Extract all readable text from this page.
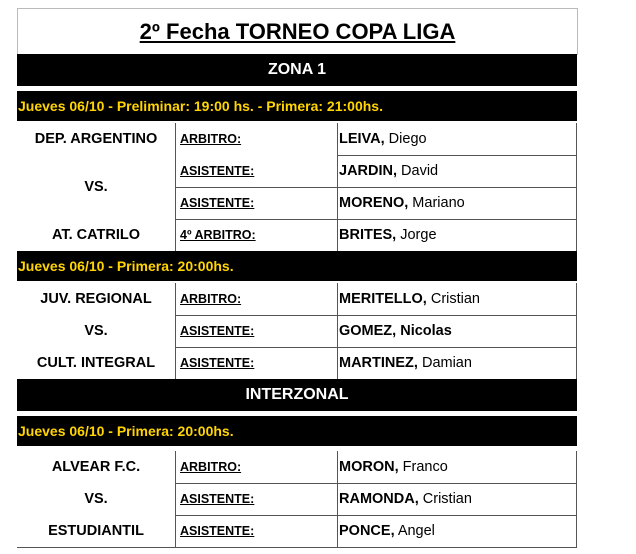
2º Fecha TORNEO COPA LIGA
ZONA 1
Jueves 06/10 - Preliminar: 19:00 hs. - Primera: 21:00hs.
DEP. ARGENTINO	ARBITRO:	LEIVA, Diego
ASISTENTE:	JARDIN, David
VS.
ASISTENTE:	MORENO, Mariano
AT. CATRILO	4º ARBITRO:	BRITES, Jorge
Jueves 06/10 - Primera: 20:00hs.
JUV. REGIONAL	ARBITRO:	MERITELLO, Cristian
VS.	ASISTENTE:	GOMEZ, Nicolas
CULT. INTEGRAL	ASISTENTE:	MARTINEZ, Damian
INTERZONAL
Jueves 06/10 - Primera: 20:00hs.
ALVEAR F.C.	ARBITRO:	MORON, Franco
VS.	ASISTENTE:	RAMONDA, Cristian
ESTUDIANTIL	ASISTENTE:	PONCE, Angel
